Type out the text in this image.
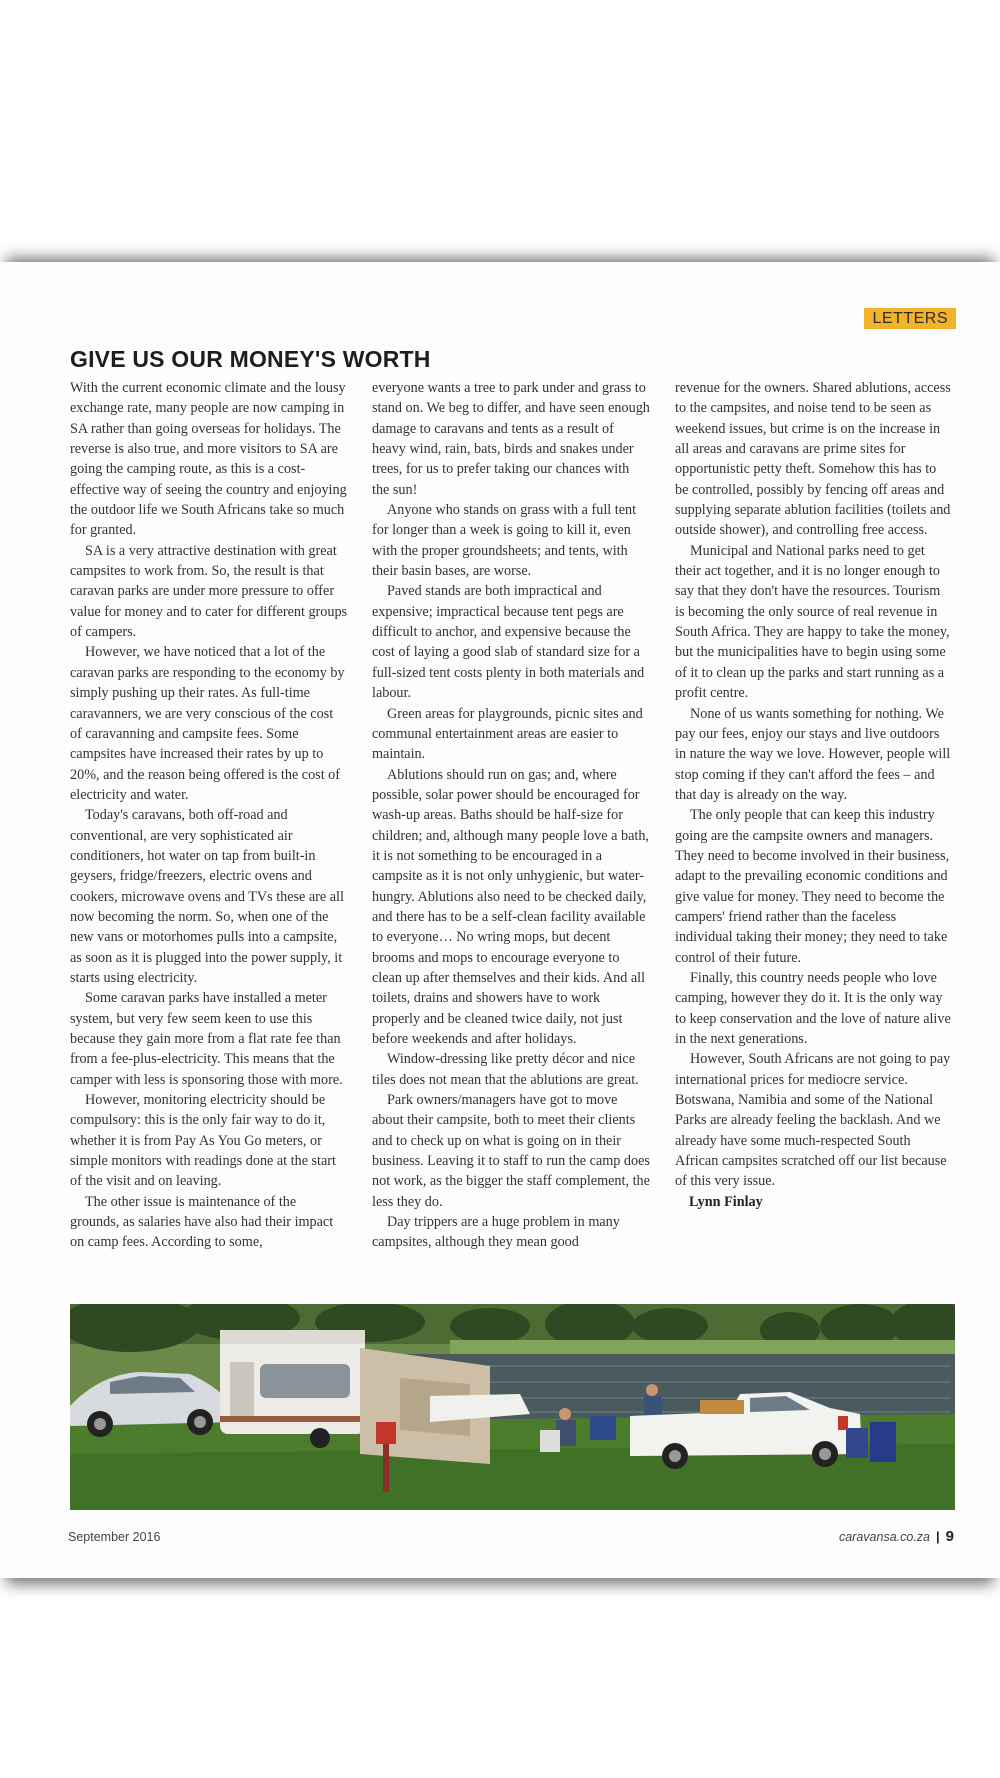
LETTERS
GIVE US OUR MONEY'S WORTH

With the current economic climate and the lousy exchange rate, many people are now camping in SA rather than going overseas for holidays. The reverse is also true, and more visitors to SA are going the camping route, as this is a cost-effective way of seeing the country and enjoying the outdoor life we South Africans take so much for granted.

SA is a very attractive destination with great campsites to work from. So, the result is that caravan parks are under more pressure to offer value for money and to cater for different groups of campers.

However, we have noticed that a lot of the caravan parks are responding to the economy by simply pushing up their rates. As full-time caravanners, we are very conscious of the cost of caravanning and campsite fees. Some campsites have increased their rates by up to 20%, and the reason being offered is the cost of electricity and water.

Today's caravans, both off-road and conventional, are very sophisticated air conditioners, hot water on tap from built-in geysers, fridge/freezers, electric ovens and cookers, microwave ovens and TVs these are all now becoming the norm. So, when one of the new vans or motorhomes pulls into a campsite, as soon as it is plugged into the power supply, it starts using electricity.

Some caravan parks have installed a meter system, but very few seem keen to use this because they gain more from a flat rate fee than from a fee-plus-electricity. This means that the camper with less is sponsoring those with more.

However, monitoring electricity should be compulsory: this is the only fair way to do it, whether it is from Pay As You Go meters, or simple monitors with readings done at the start of the visit and on leaving.

The other issue is maintenance of the grounds, as salaries have also had their impact on camp fees. According to some,

everyone wants a tree to park under and grass to stand on. We beg to differ, and have seen enough damage to caravans and tents as a result of heavy wind, rain, bats, birds and snakes under trees, for us to prefer taking our chances with the sun!

Anyone who stands on grass with a full tent for longer than a week is going to kill it, even with the proper groundsheets; and tents, with their basin bases, are worse.

Paved stands are both impractical and expensive; impractical because tent pegs are difficult to anchor, and expensive because the cost of laying a good slab of standard size for a full-sized tent costs plenty in both materials and labour.

Green areas for playgrounds, picnic sites and communal entertainment areas are easier to maintain.

Ablutions should run on gas; and, where possible, solar power should be encouraged for wash-up areas. Baths should be half-size for children; and, although many people love a bath, it is not something to be encouraged in a campsite as it is not only unhygienic, but water-hungry. Ablutions also need to be checked daily, and there has to be a self-clean facility available to everyone… No wring mops, but decent brooms and mops to encourage everyone to clean up after themselves and their kids. And all toilets, drains and showers have to work properly and be cleaned twice daily, not just before weekends and after holidays.

Window-dressing like pretty décor and nice tiles does not mean that the ablutions are great.

Park owners/managers have got to move about their campsite, both to meet their clients and to check up on what is going on in their business. Leaving it to staff to run the camp does not work, as the bigger the staff complement, the less they do.

Day trippers are a huge problem in many campsites, although they mean good

revenue for the owners. Shared ablutions, access to the campsites, and noise tend to be seen as weekend issues, but crime is on the increase in all areas and caravans are prime sites for opportunistic petty theft. Somehow this has to be controlled, possibly by fencing off areas and supplying separate ablution facilities (toilets and outside shower), and controlling free access.

Municipal and National parks need to get their act together, and it is no longer enough to say that they don't have the resources. Tourism is becoming the only source of real revenue in South Africa. They are happy to take the money, but the municipalities have to begin using some of it to clean up the parks and start running as a profit centre.

None of us wants something for nothing. We pay our fees, enjoy our stays and live outdoors in nature the way we love. However, people will stop coming if they can't afford the fees – and that day is already on the way.

The only people that can keep this industry going are the campsite owners and managers. They need to become involved in their business, adapt to the prevailing economic conditions and give value for money. They need to become the campers' friend rather than the faceless individual taking their money; they need to take control of their future.

Finally, this country needs people who love camping, however they do it. It is the only way to keep conservation and the love of nature alive in the next generations.

However, South Africans are not going to pay international prices for mediocre service. Botswana, Namibia and some of the National Parks are already feeling the backlash. And we already have some much-respected South African campsites scratched off our list because of this very issue.

Lynn Finlay

September 2016	caravansa.co.za | 9
